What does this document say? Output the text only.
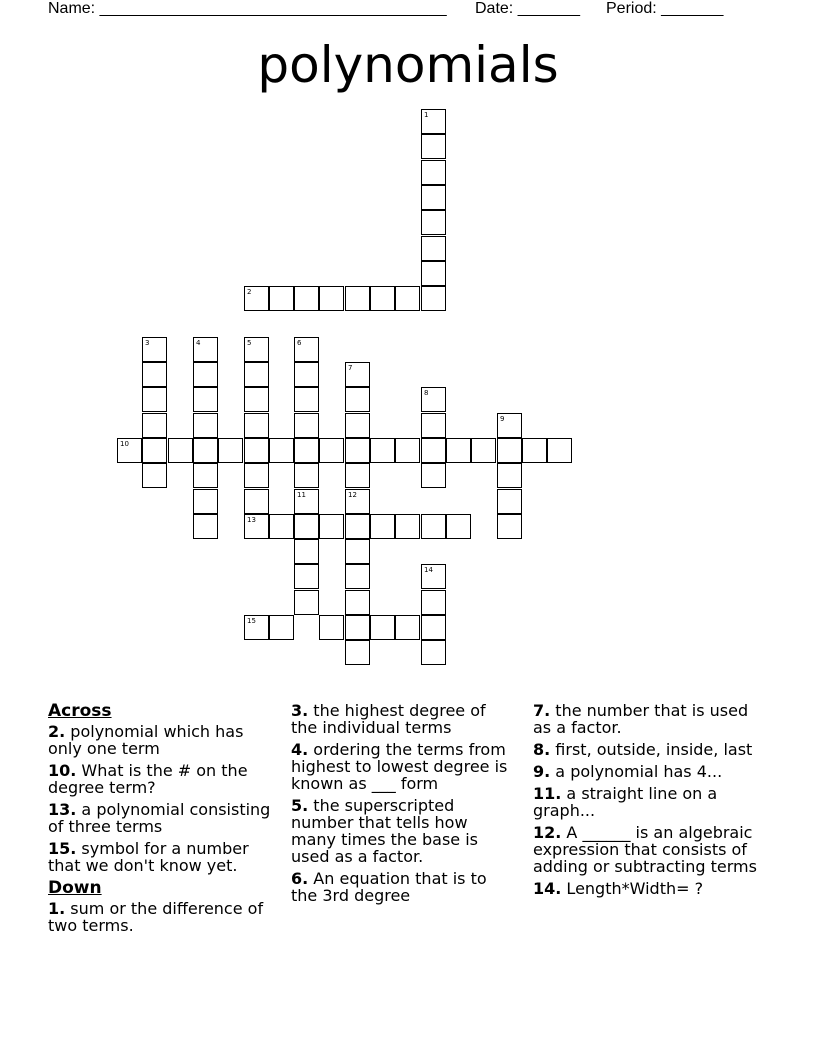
Name: _______________________________________ Date: _______ Period: _______
polynomials
1
2
3	4	5	6
7
8
9
10
11	12
13
14
15
Across
2. polynomial which has only one term
10. What is the # on the degree term?
13. a polynomial consisting of three terms
15. symbol for a number that we don't know yet.
Down
1. sum or the difference of two terms.
3. the highest degree of the individual terms
4. ordering the terms from highest to lowest degree is known as ___ form
5. the superscripted number that tells how many times the base is used as a factor.
6. An equation that is to the 3rd degree
7. the number that is used as a factor.
8. first, outside, inside, last
9. a polynomial has 4...
11. a straight line on a graph...
12. A ______ is an algebraic expression that consists of adding or subtracting terms
14. Length*Width= ?
